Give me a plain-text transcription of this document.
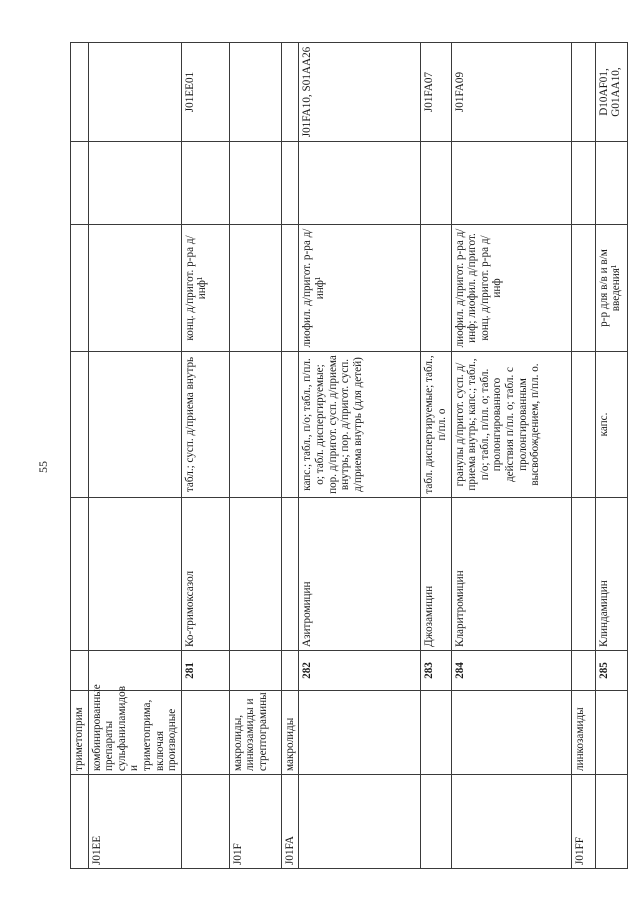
55
	триметоприм						
J01EE	комбинированные препараты сульфаниламидов и триметоприма, включая производные						
		281	Ко-тримоксазол	табл.; сусп. д/приема внутрь	конц. д/пригот. р-ра д/инф¹		J01EE01
J01F	макролиды, линкозамиды и стрептограмины						
J01FA	макролиды						
		282	Азитромицин	капс.; табл., п/о; табл., п/пл. о; табл. диспергируемые; пор. д/пригот. сусп. д/приема внутрь; пор. д/пригот. сусп. д/приема внутрь (для детей)	лиофил. д/пригот. р-ра д/инф¹		J01FA10, S01AA26
		283	Джозамицин	табл. диспергируемые; табл., п/пл. о			J01FA07
		284	Кларитромицин	гранулы д/пригот. сусп. д/приема внутрь; капс.; табл., п/о; табл., п/пл. о; табл. пролонгированного действия п/пл. о; табл. с пролонгированным высвобождением, п/пл. о.	лиофил. д/пригот. р-ра д/инф; лиофил. д/пригот. конц. д/пригот. р-ра д/инф		J01FA09
J01FF	линкозамиды						
		285	Клиндамицин	капс.	р-р для в/в и в/м введения¹		D10AF01, G01AA10,
